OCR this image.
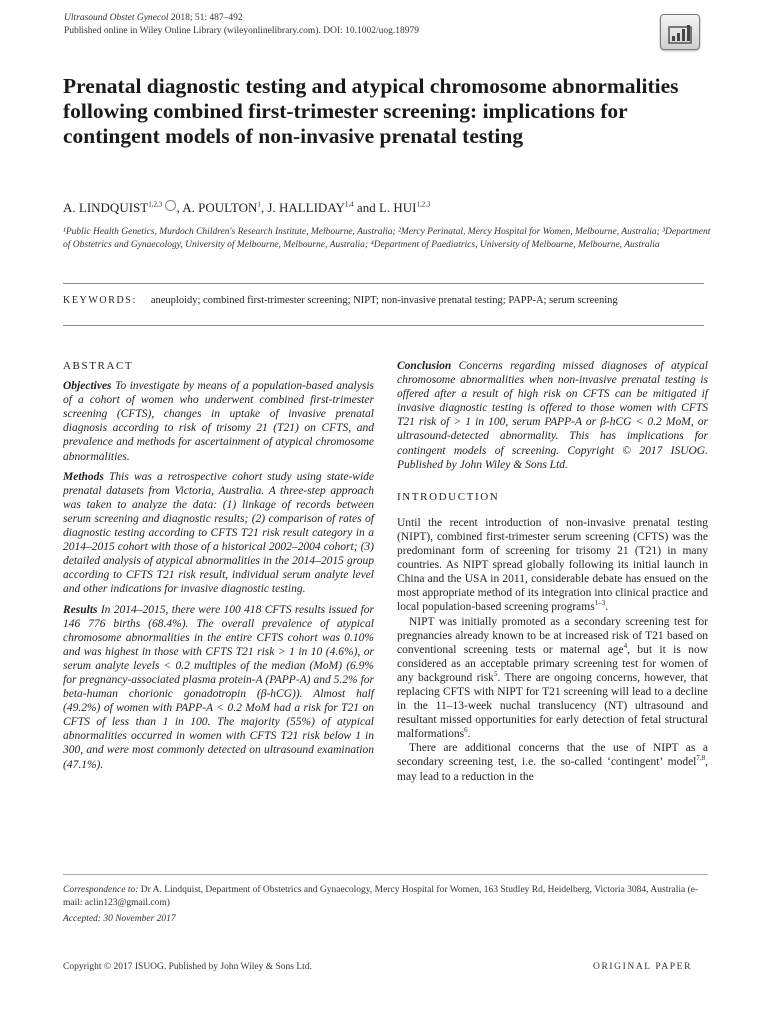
Ultrasound Obstet Gynecol 2018; 51: 487–492
Published online in Wiley Online Library (wileyonlinelibrary.com). DOI: 10.1002/uog.18979
Prenatal diagnostic testing and atypical chromosome abnormalities following combined first-trimester screening: implications for contingent models of non-invasive prenatal testing
A. LINDQUIST$^{1,2,3}$ , A. POULTON$^1$, J. HALLIDAY$^{1,4}$ and L. HUI$^{1,2,3}$
¹Public Health Genetics, Murdoch Children's Research Institute, Melbourne, Australia; ²Mercy Perinatal, Mercy Hospital for Women, Melbourne, Australia; ³Department of Obstetrics and Gynaecology, University of Melbourne, Melbourne, Australia; ⁴Department of Paediatrics, University of Melbourne, Melbourne, Australia
KEYWORDS: aneuploidy; combined first-trimester screening; NIPT; non-invasive prenatal testing; PAPP-A; serum screening
ABSTRACT

Objectives To investigate by means of a population-based analysis of a cohort of women who underwent combined first-trimester screening (CFTS), changes in uptake of invasive prenatal diagnosis according to risk of trisomy 21 (T21) on CFTS, and prevalence and methods for ascertainment of atypical chromosome abnormalities.

Methods This was a retrospective cohort study using state-wide prenatal datasets from Victoria, Australia. A three-step approach was taken to analyze the data: (1) linkage of records between serum screening and diagnostic results; (2) comparison of rates of diagnostic testing according to CFTS T21 risk result category in a 2014–2015 cohort with those of a historical 2002–2004 cohort; (3) detailed analysis of atypical abnormalities in the 2014–2015 group according to CFTS T21 risk result, individual serum analyte level and other indications for invasive diagnostic testing.

Results In 2014–2015, there were 100 418 CFTS results issued for 146 776 births (68.4%). The overall prevalence of atypical chromosome abnormalities in the entire CFTS cohort was 0.10% and was highest in those with CFTS T21 risk > 1 in 10 (4.6%), or serum analyte levels < 0.2 multiples of the median (MoM) (6.9% for pregnancy-associated plasma protein-A (PAPP-A) and 5.2% for beta-human chorionic gonadotropin (β-hCG)). Almost half (49.2%) of women with PAPP-A < 0.2 MoM had a risk for T21 on CFTS of less than 1 in 100. The majority (55%) of atypical abnormalities occurred in women with CFTS T21 risk below 1 in 300, and were most commonly detected on ultrasound examination (47.1%).

Conclusion Concerns regarding missed diagnoses of atypical chromosome abnormalities when non-invasive prenatal testing is offered after a result of high risk on CFTS can be mitigated if invasive diagnostic testing is offered to those women with CFTS T21 risk of > 1 in 100, serum PAPP-A or β-hCG < 0.2 MoM, or ultrasound-detected abnormality. This has implications for contingent models of screening. Copyright © 2017 ISUOG. Published by John Wiley & Sons Ltd.

INTRODUCTION

Until the recent introduction of non-invasive prenatal testing (NIPT), combined first-trimester serum screening (CFTS) was the predominant form of screening for trisomy 21 (T21) in many countries. As NIPT spread globally following its initial launch in China and the USA in 2011, considerable debate has ensued on the most appropriate method of its integration into clinical practice and local population-based screening programs$^{1-3}$.

NIPT was initially promoted as a secondary screening test for pregnancies already known to be at increased risk of T21 based on conventional screening tests or maternal age$^4$, but it is now considered as an acceptable primary screening test for women of any background risk$^5$. There are ongoing concerns, however, that replacing CFTS with NIPT for T21 screening will lead to a decline in the 11–13-week nuchal translucency (NT) ultrasound and resultant missed opportunities for early detection of fetal structural malformations$^6$.

There are additional concerns that the use of NIPT as a secondary screening test, i.e. the so-called ‘contingent’ model$^{7,8}$, may lead to a reduction in the

Correspondence to: Dr A. Lindquist, Department of Obstetrics and Gynaecology, Mercy Hospital for Women, 163 Studley Rd, Heidelberg, Victoria 3084, Australia (e-mail: aclin123@gmail.com)
Accepted: 30 November 2017
Copyright © 2017 ISUOG. Published by John Wiley & Sons Ltd.	ORIGINAL PAPER
